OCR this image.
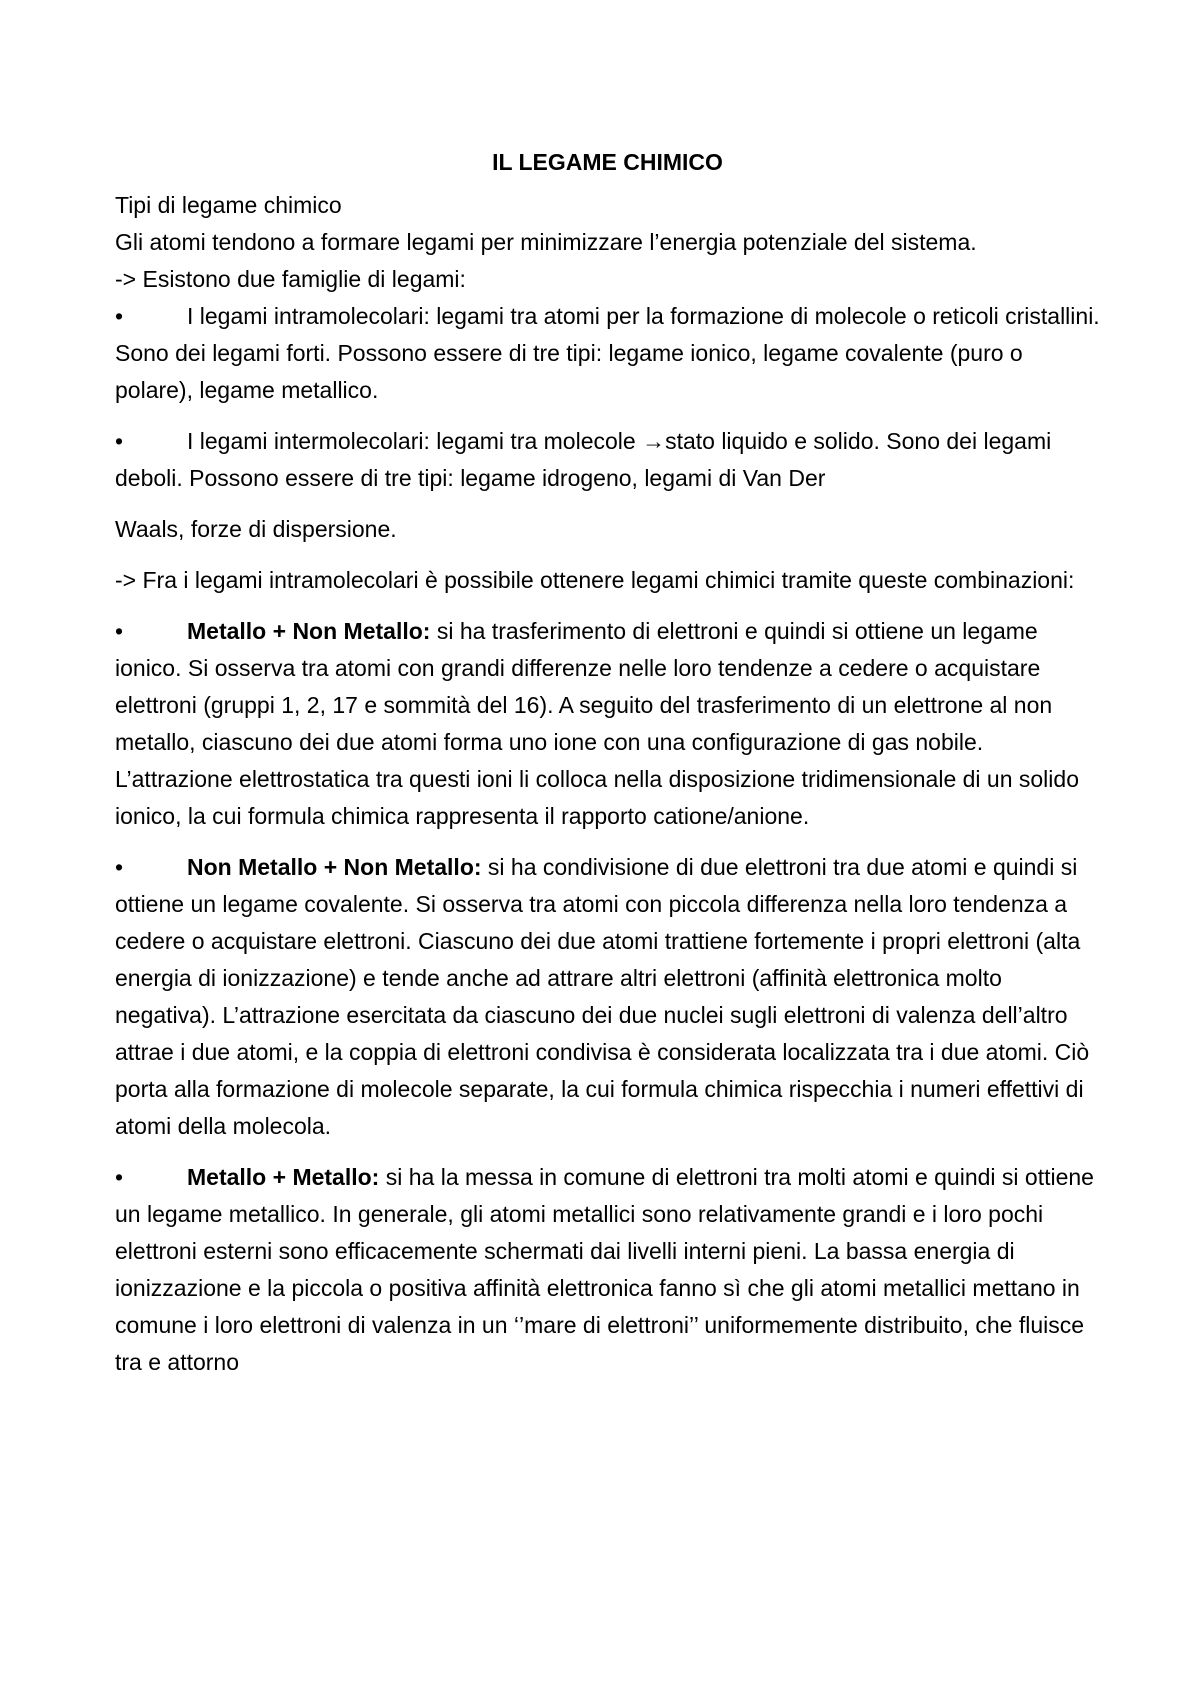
IL LEGAME CHIMICO

Tipi di legame chimico

Gli atomi tendono a formare legami per minimizzare l’energia potenziale del sistema.

-> Esistono due famiglie di legami:

•	I legami intramolecolari: legami tra atomi per la formazione di molecole o reticoli cristallini. Sono dei legami forti. Possono essere di tre tipi: legame ionico, legame covalente (puro o polare), legame metallico.

•	I legami intermolecolari: legami tra molecole →stato liquido e solido. Sono dei legami deboli. Possono essere di tre tipi: legame idrogeno, legami di Van Der

Waals, forze di dispersione.

-> Fra i legami intramolecolari è possibile ottenere legami chimici tramite queste combinazioni:

•	Metallo + Non Metallo: si ha trasferimento di elettroni e quindi si ottiene un legame ionico. Si osserva tra atomi con grandi differenze nelle loro tendenze a cedere o acquistare elettroni (gruppi 1, 2, 17 e sommità del 16). A seguito del trasferimento di un elettrone al non metallo, ciascuno dei due atomi forma uno ione con una configurazione di gas nobile. L’attrazione elettrostatica tra questi ioni li colloca nella disposizione tridimensionale di un solido ionico, la cui formula chimica rappresenta il rapporto catione/anione.

•	Non Metallo + Non Metallo: si ha condivisione di due elettroni tra due atomi e quindi si ottiene un legame covalente. Si osserva tra atomi con piccola differenza nella loro tendenza a cedere o acquistare elettroni. Ciascuno dei due atomi trattiene fortemente i propri elettroni (alta energia di ionizzazione) e tende anche ad attrare altri elettroni (affinità elettronica molto negativa). L’attrazione esercitata da ciascuno dei due nuclei sugli elettroni di valenza dell’altro attrae i due atomi, e la coppia di elettroni condivisa è considerata localizzata tra i due atomi. Ciò porta alla formazione di molecole separate, la cui formula chimica rispecchia i numeri effettivi di atomi della molecola.

•	Metallo + Metallo: si ha la messa in comune di elettroni tra molti atomi e quindi si ottiene un legame metallico. In generale, gli atomi metallici sono relativamente grandi e i loro pochi elettroni esterni sono efficacemente schermati dai livelli interni pieni. La bassa energia di ionizzazione e la piccola o positiva affinità elettronica fanno sì che gli atomi metallici mettano in comune i loro elettroni di valenza in un ‘’mare di elettroni’’ uniformemente distribuito, che fluisce tra e attorno
